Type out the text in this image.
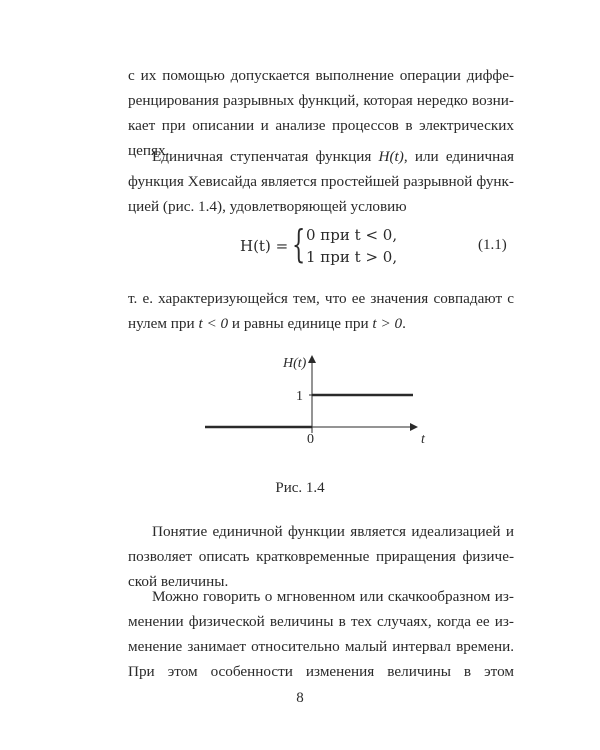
с их помощью допускается выполнение операции диффе-
ренцирования разрывных функций, которая нередко возни-
кает при описании и анализе процессов в электрических
цепях.
Единичная ступенчатая функция H(t), или единичная
функция Хевисайда является простейшей разрывной функ-
цией (рис. 1.4), удовлетворяющей условию
H(t) = { 0 при t < 0,
1 при t > 0,
(1.1)
т. е. характеризующейся тем, что ее значения совпадают с
нулем при t < 0 и равны единице при t > 0.
H(t)
1
0	t
Рис. 1.4
Понятие единичной функции является идеализацией и
позволяет описать кратковременные приращения физиче-
ской величины.
Можно говорить о мгновенном или скачкообразном из-
менении физической величины в тех случаях, когда ее из-
менение занимает относительно малый интервал времени.
При этом особенности изменения величины в этом
8
